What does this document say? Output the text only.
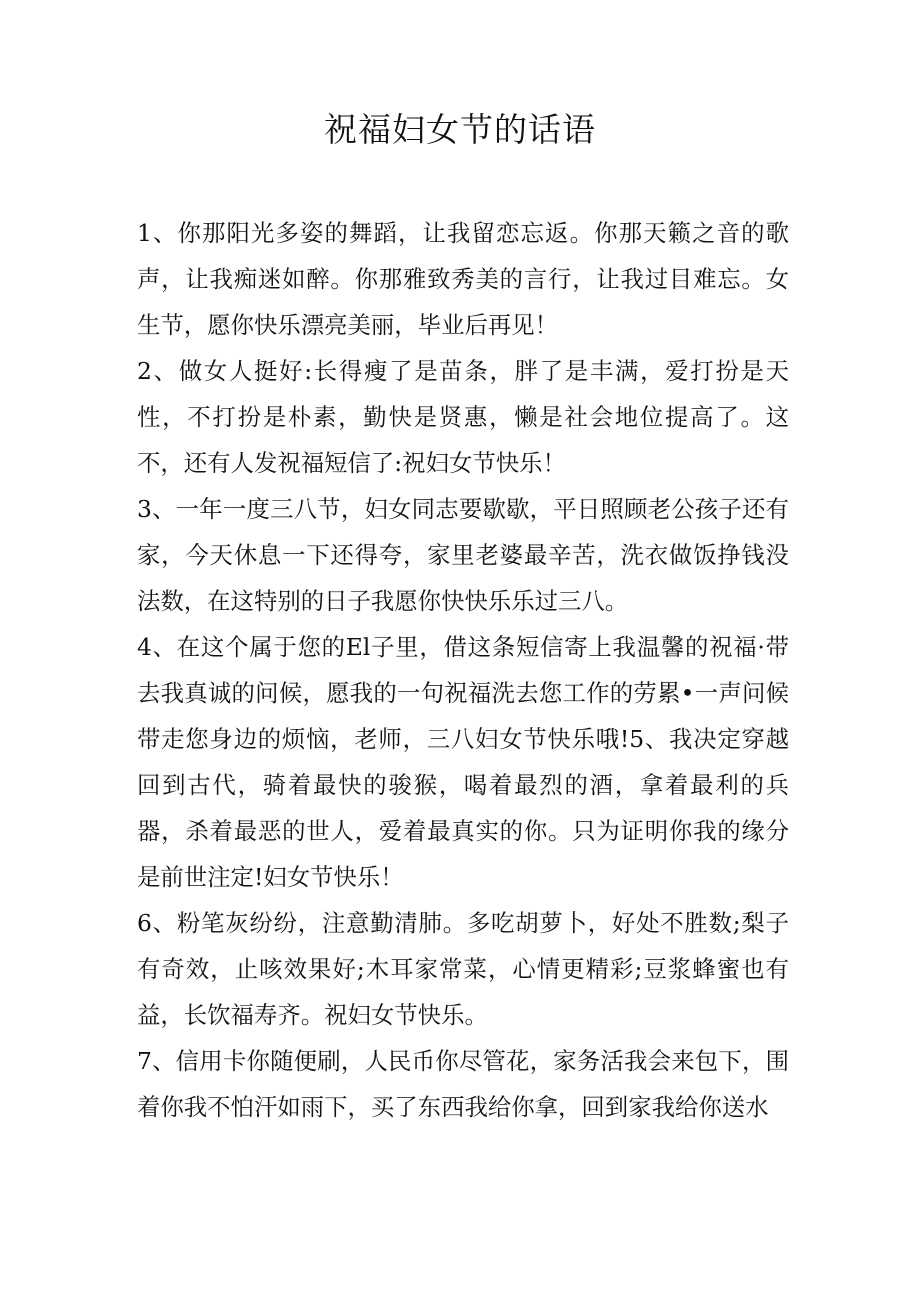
祝福妇女节的话语

1、你那阳光多姿的舞蹈，让我留恋忘返。你那天籁之音的歌声，让我痴迷如醉。你那雅致秀美的言行，让我过目难忘。女生节，愿你快乐漂亮美丽，毕业后再见！

2、做女人挺好:长得瘦了是苗条，胖了是丰满，爱打扮是天性，不打扮是朴素，勤快是贤惠，懒是社会地位提高了。这不，还有人发祝福短信了:祝妇女节快乐！

3、一年一度三八节，妇女同志要歇歇，平日照顾老公孩子还有家，今天休息一下还得夸，家里老婆最辛苦，洗衣做饭挣钱没法数，在这特别的日子我愿你快快乐乐过三八。

4、在这个属于您的El子里，借这条短信寄上我温馨的祝福·带去我真诚的问候，愿我的一句祝福洗去您工作的劳累•一声问候带走您身边的烦恼，老师，三八妇女节快乐哦!5、我决定穿越回到古代，骑着最快的骏猴，喝着最烈的酒，拿着最利的兵器，杀着最恶的世人，爱着最真实的你。只为证明你我的缘分是前世注定!妇女节快乐！

6、粉笔灰纷纷，注意勤清肺。多吃胡萝卜，好处不胜数;梨子有奇效，止咳效果好;木耳家常菜，心情更精彩;豆浆蜂蜜也有益，长饮福寿齐。祝妇女节快乐。

7、信用卡你随便刷，人民币你尽管花，家务活我会来包下，围着你我不怕汗如雨下，买了东西我给你拿，回到家我给你送水
